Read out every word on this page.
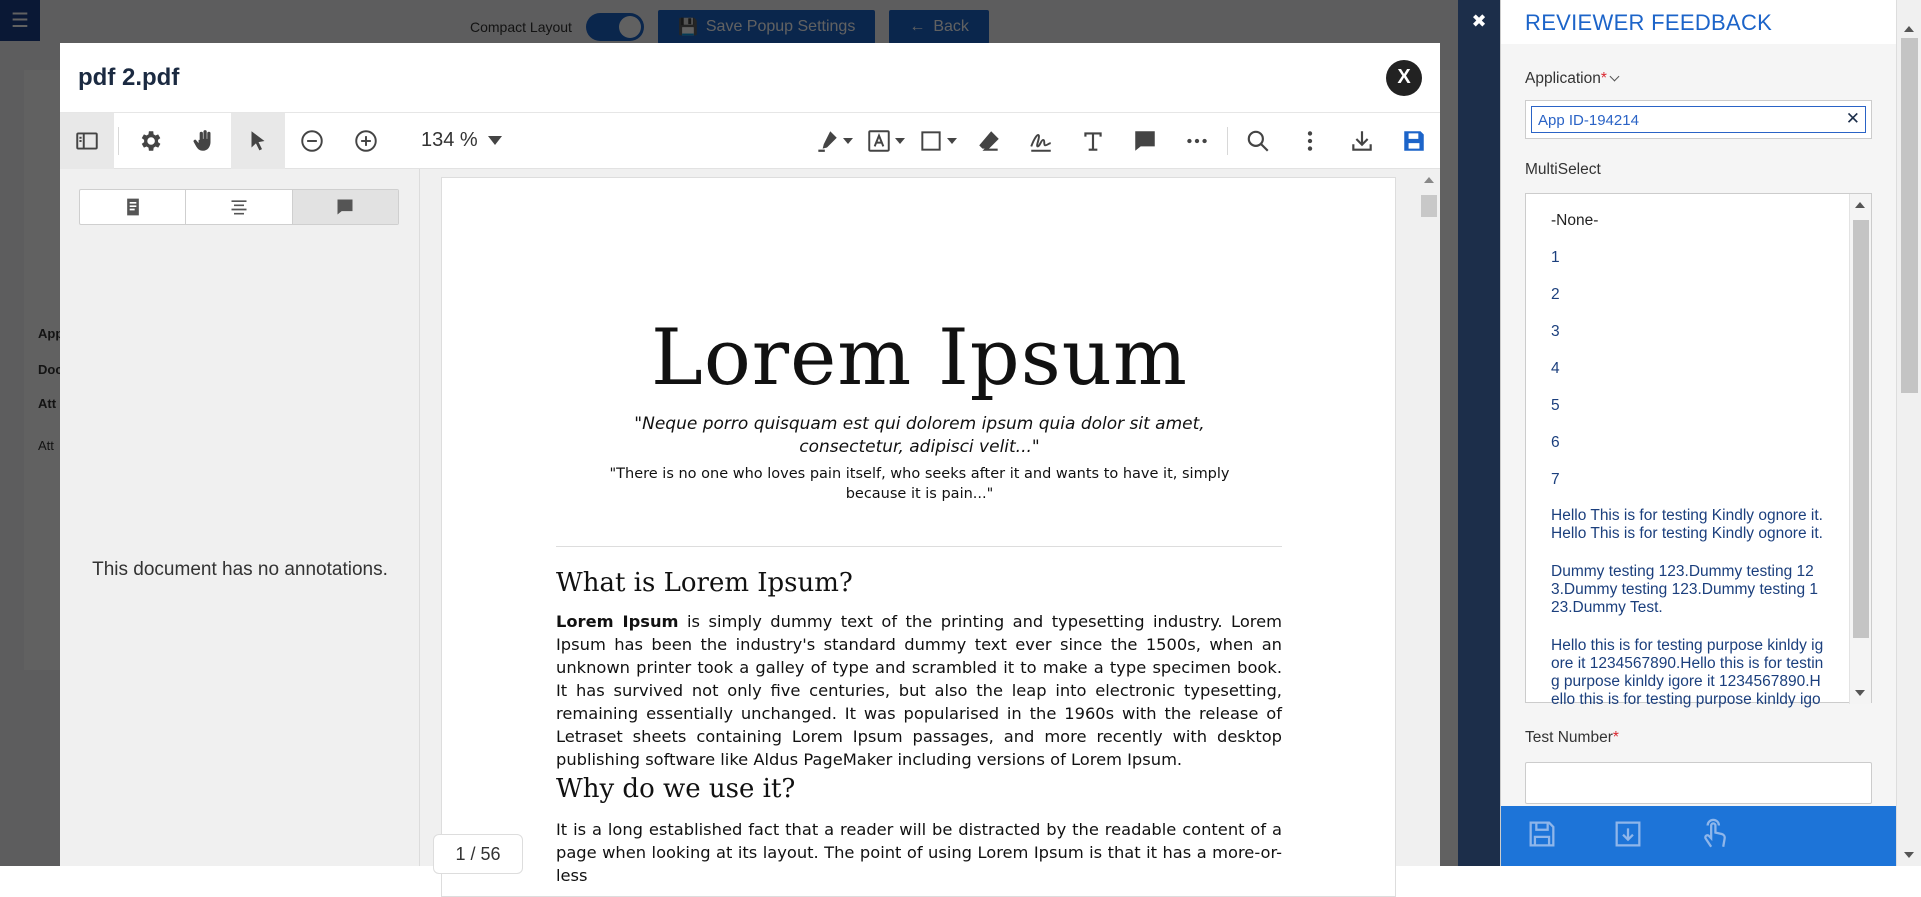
pdf 2.pdf	X
134 %
This document has no annotations.
Lorem Ipsum
"Neque porro quisquam est qui dolorem ipsum quia dolor sit amet, consectetur, adipisci velit..."
"There is no one who loves pain itself, who seeks after it and wants to have it, simply because it is pain..."
What is Lorem Ipsum?
Lorem Ipsum is simply dummy text of the printing and typesetting industry. Lorem Ipsum has been the industry's standard dummy text ever since the 1500s, when an unknown printer took a galley of type and scrambled it to make a type specimen book. It has survived not only five centuries, but also the leap into electronic typesetting, remaining essentially unchanged. It was popularised in the 1960s with the release of Letraset sheets containing Lorem Ipsum passages, and more recently with desktop publishing software like Aldus PageMaker including versions of Lorem Ipsum.
Why do we use it?
It is a long established fact that a reader will be distracted by the readable content of a page when looking at its layout. The point of using Lorem Ipsum is that it has a more-or-less
1 / 56
✖	REVIEWER FEEDBACK
Application*
App ID-194214	✕
MultiSelect
-None-
1
2
3
4
5
6
7
Hello This is for testing Kindly ognore it. Hello This is for testing Kindly ognore it.
Dummy testing 123.Dummy testing 12 3.Dummy testing 123.Dummy testing 1 23.Dummy Test.
Hello this is for testing purpose kinldy ig ore it 1234567890.Hello this is for testin g purpose kinldy igore it 1234567890.H ello this is for testing purpose kinldy igo
Test Number*
